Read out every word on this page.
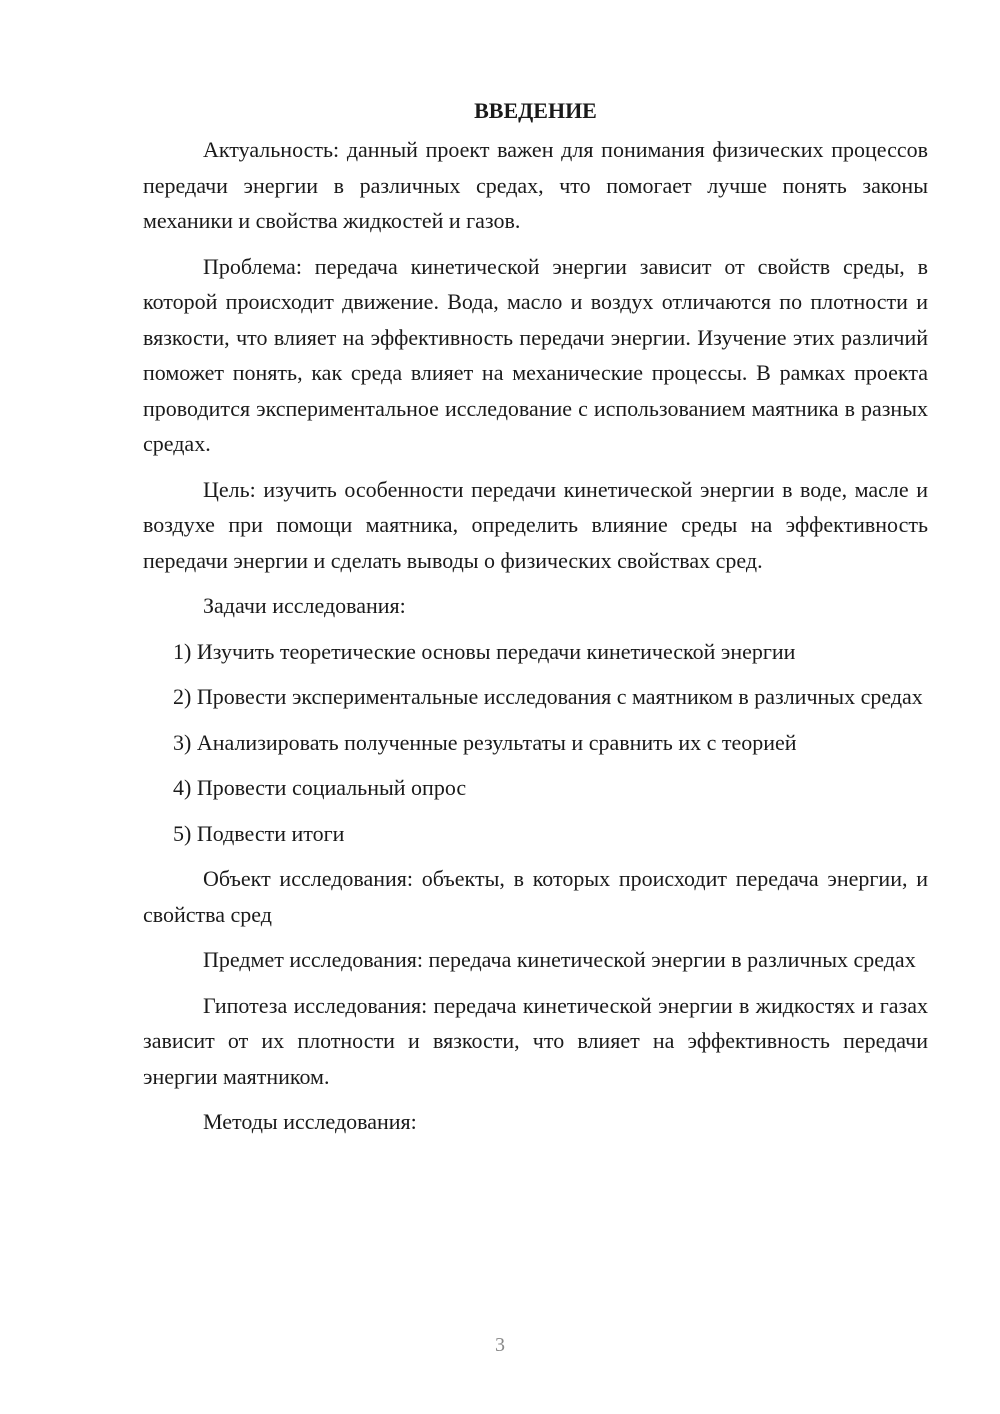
ВВЕДЕНИЕ

Актуальность: данный проект важен для понимания физических процессов передачи энергии в различных средах, что помогает лучше понять законы механики и свойства жидкостей и газов.

Проблема: передача кинетической энергии зависит от свойств среды, в которой происходит движение. Вода, масло и воздух отличаются по плотности и вязкости, что влияет на эффективность передачи энергии. Изучение этих различий поможет понять, как среда влияет на механические процессы. В рамках проекта проводится экспериментальное исследование с использованием маятника в разных средах.

Цель: изучить особенности передачи кинетической энергии в воде, масле и воздухе при помощи маятника, определить влияние среды на эффективность передачи энергии и сделать выводы о физических свойствах сред.

Задачи исследования:

1) Изучить теоретические основы передачи кинетической энергии

2) Провести экспериментальные исследования с маятником в различных средах

3) Анализировать полученные результаты и сравнить их с теорией

4) Провести социальный опрос

5) Подвести итоги

Объект исследования: объекты, в которых происходит передача энергии, и свойства сред

Предмет исследования: передача кинетической энергии в различных средах

Гипотеза исследования: передача кинетической энергии в жидкостях и газах зависит от их плотности и вязкости, что влияет на эффективность передачи энергии маятником.

Методы исследования:

3
